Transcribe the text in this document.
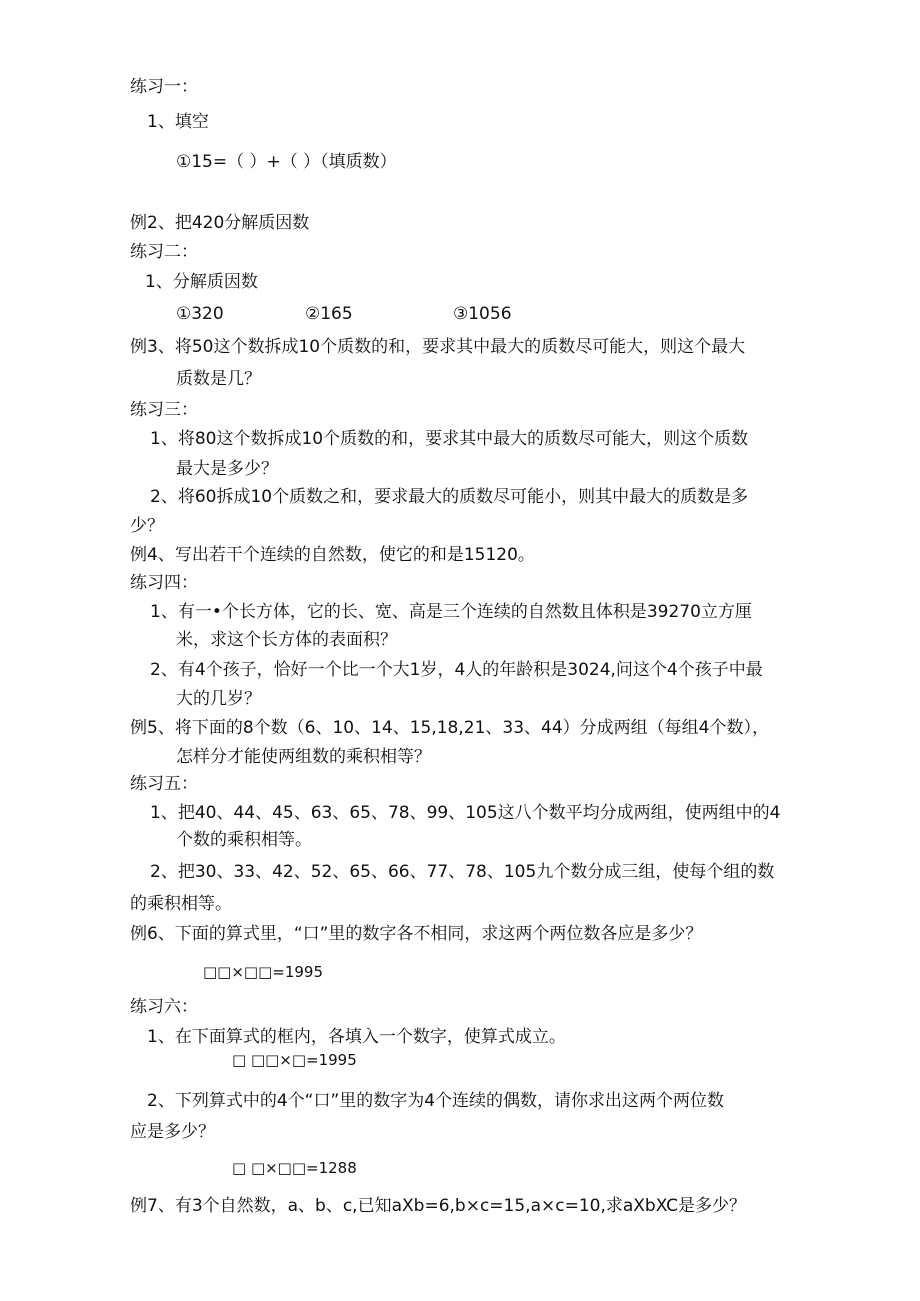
练习一：
1、填空
①15=（ ）+（ ）（填质数）
例2、把420分解质因数
练习二：
1、分解质因数
①320	②165	③1056
例3、将50这个数拆成10个质数的和，要求其中最大的质数尽可能大，则这个最大
质数是几？
练习三：
1、将80这个数拆成10个质数的和，要求其中最大的质数尽可能大，则这个质数
最大是多少？
2、将60拆成10个质数之和，要求最大的质数尽可能小，则其中最大的质数是多
少？
例4、写出若干个连续的自然数，使它的和是15120。
练习四：
1、有一•个长方体，它的长、宽、高是三个连续的自然数且体积是39270立方厘
米，求这个长方体的表面积？
2、有4个孩子，恰好一个比一个大1岁，4人的年龄积是3024,问这个4个孩子中最
大的几岁？
例5、将下面的8个数（6、10、14、15,18,21、33、44）分成两组（每组4个数），
怎样分才能使两组数的乘积相等？
练习五：
1、把40、44、45、63、65、78、99、105这八个数平均分成两组，使两组中的4
个数的乘积相等。
2、把30、33、42、52、65、66、77、78、105九个数分成三组，使每个组的数
的乘积相等。
例6、下面的算式里，“口”里的数字各不相同，求这两个两位数各应是多少？
□□×□□=1995
练习六：
1、在下面算式的框内，各填入一个数字，使算式成立。
□ □□×□=1995
2、下列算式中的4个“口”里的数字为4个连续的偶数，请你求出这两个两位数
应是多少？
□ □×□□=1288
例7、有3个自然数，a、b、c,已知aXb=6,b×c=15,a×c=10,求aXbXC是多少？
